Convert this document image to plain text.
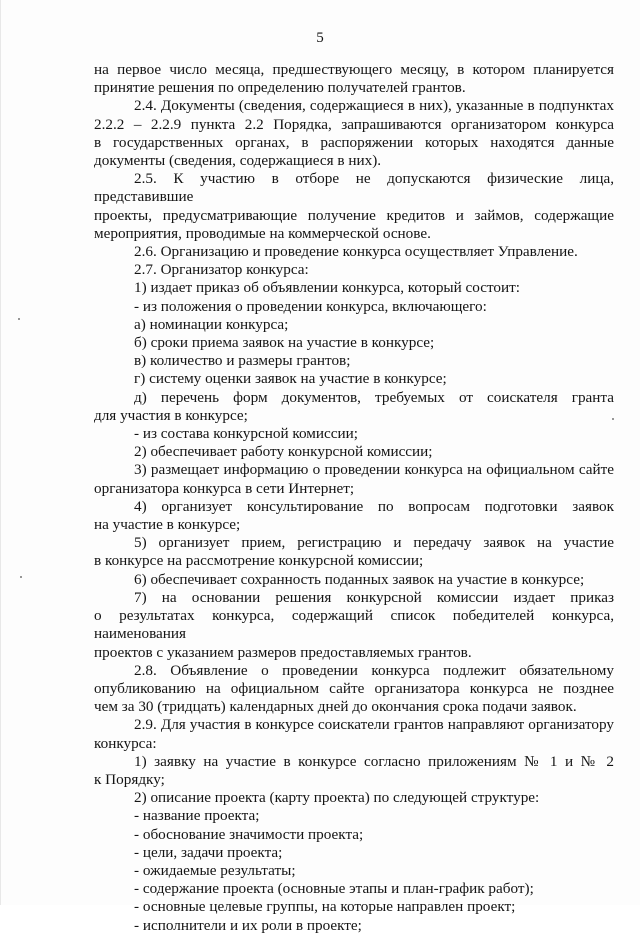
5

на первое число месяца, предшествующего месяцу, в котором планируется

принятие решения по определению получателей грантов.

2.4. Документы (сведения, содержащиеся в них), указанные в подпунктах

2.2.2 – 2.2.9 пункта 2.2 Порядка, запрашиваются организатором конкурса

в государственных органах, в распоряжении которых находятся данные

документы (сведения, содержащиеся в них).

2.5. К участию в отборе не допускаются физические лица, представившие

проекты, предусматривающие получение кредитов и займов, содержащие

мероприятия, проводимые на коммерческой основе.

2.6. Организацию и проведение конкурса осуществляет Управление.

2.7. Организатор конкурса:

1) издает приказ об объявлении конкурса, который состоит:

- из положения о проведении конкурса, включающего:

а) номинации конкурса;

б) сроки приема заявок на участие в конкурсе;

в) количество и размеры грантов;

г) систему оценки заявок на участие в конкурсе;

д) перечень форм документов, требуемых от соискателя гранта

для участия в конкурсе;

- из состава конкурсной комиссии;

2) обеспечивает работу конкурсной комиссии;

3) размещает информацию о проведении конкурса на официальном сайте

организатора конкурса в сети Интернет;

4) организует консультирование по вопросам подготовки заявок

на участие в конкурсе;

5) организует прием, регистрацию и передачу заявок на участие

в конкурсе на рассмотрение конкурсной комиссии;

6) обеспечивает сохранность поданных заявок на участие в конкурсе;

7) на основании решения конкурсной комиссии издает приказ

о результатах конкурса, содержащий список победителей конкурса, наименования

проектов с указанием размеров предоставляемых грантов.

2.8. Объявление о проведении конкурса подлежит обязательному

опубликованию на официальном сайте организатора конкурса не позднее

чем за 30 (тридцать) календарных дней до окончания срока подачи заявок.

2.9. Для участия в конкурсе соискатели грантов направляют организатору

конкурса:

1) заявку на участие в конкурсе согласно приложениям № 1 и № 2

к Порядку;

2) описание проекта (карту проекта) по следующей структуре:

- название проекта;

- обоснование значимости проекта;

- цели, задачи проекта;

- ожидаемые результаты;

- содержание проекта (основные этапы и план-график работ);

- основные целевые группы, на которые направлен проект;

- исполнители и их роли в проекте;
